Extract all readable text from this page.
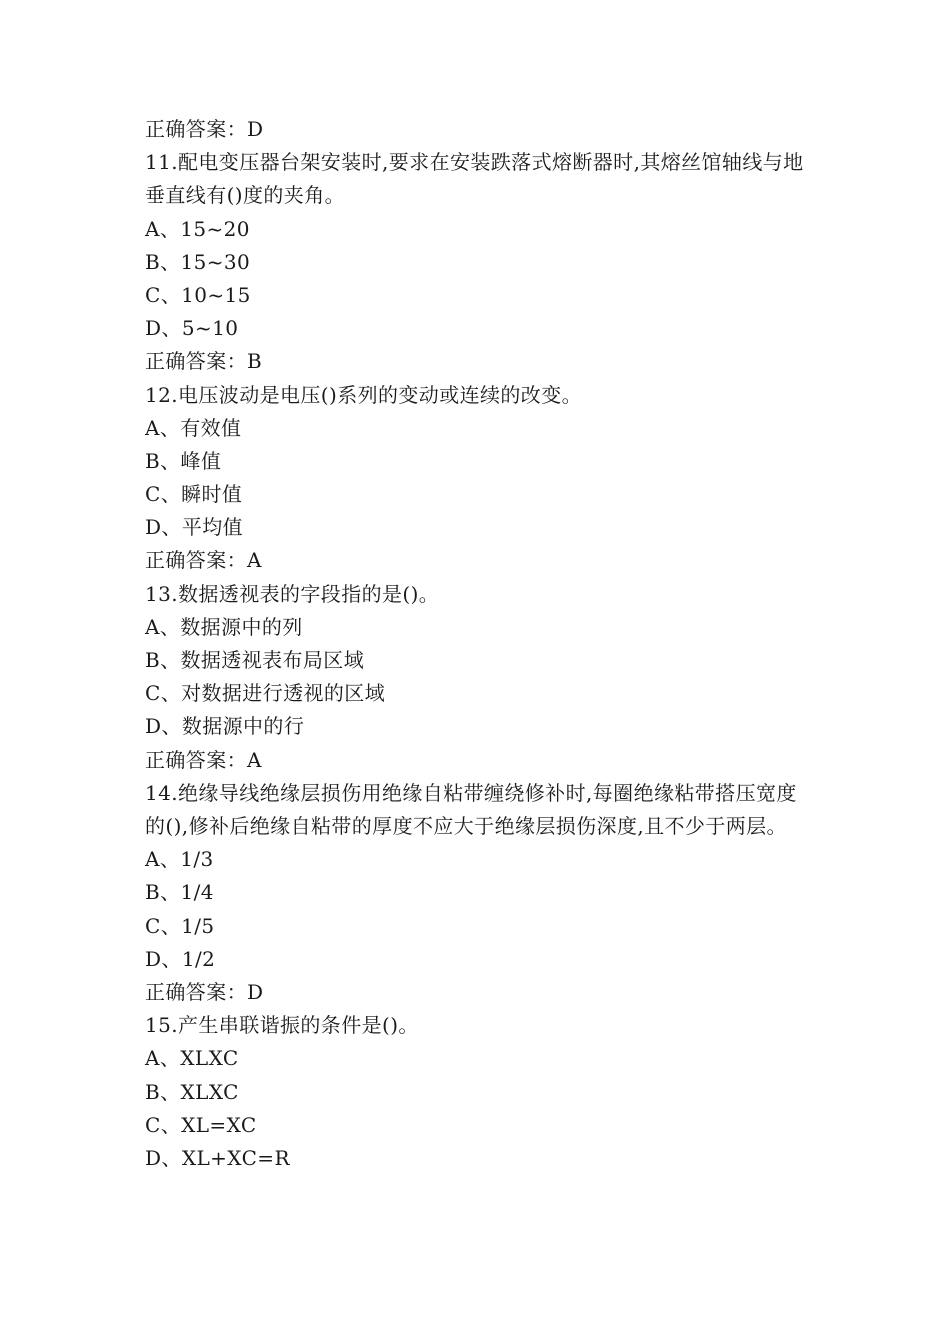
正确答案：D
11.配电变压器台架安装时,要求在安装跌落式熔断器时,其熔丝馆轴线与地垂直线有()度的夹角。
A、15~20
B、15~30
C、10~15
D、5~10
正确答案：B
12.电压波动是电压()系列的变动或连续的改变。
A、有效值
B、峰值
C、瞬时值
D、平均值
正确答案：A
13.数据透视表的字段指的是()。
A、数据源中的列
B、数据透视表布局区域
C、对数据进行透视的区域
D、数据源中的行
正确答案：A
14.绝缘导线绝缘层损伤用绝缘自粘带缠绕修补时,每圈绝缘粘带搭压宽度的(),修补后绝缘自粘带的厚度不应大于绝缘层损伤深度,且不少于两层。
A、1/3
B、1/4
C、1/5
D、1/2
正确答案：D
15.产生串联谐振的条件是()。
A、XLXC
B、XLXC
C、XL=XC
D、XL+XC=R
